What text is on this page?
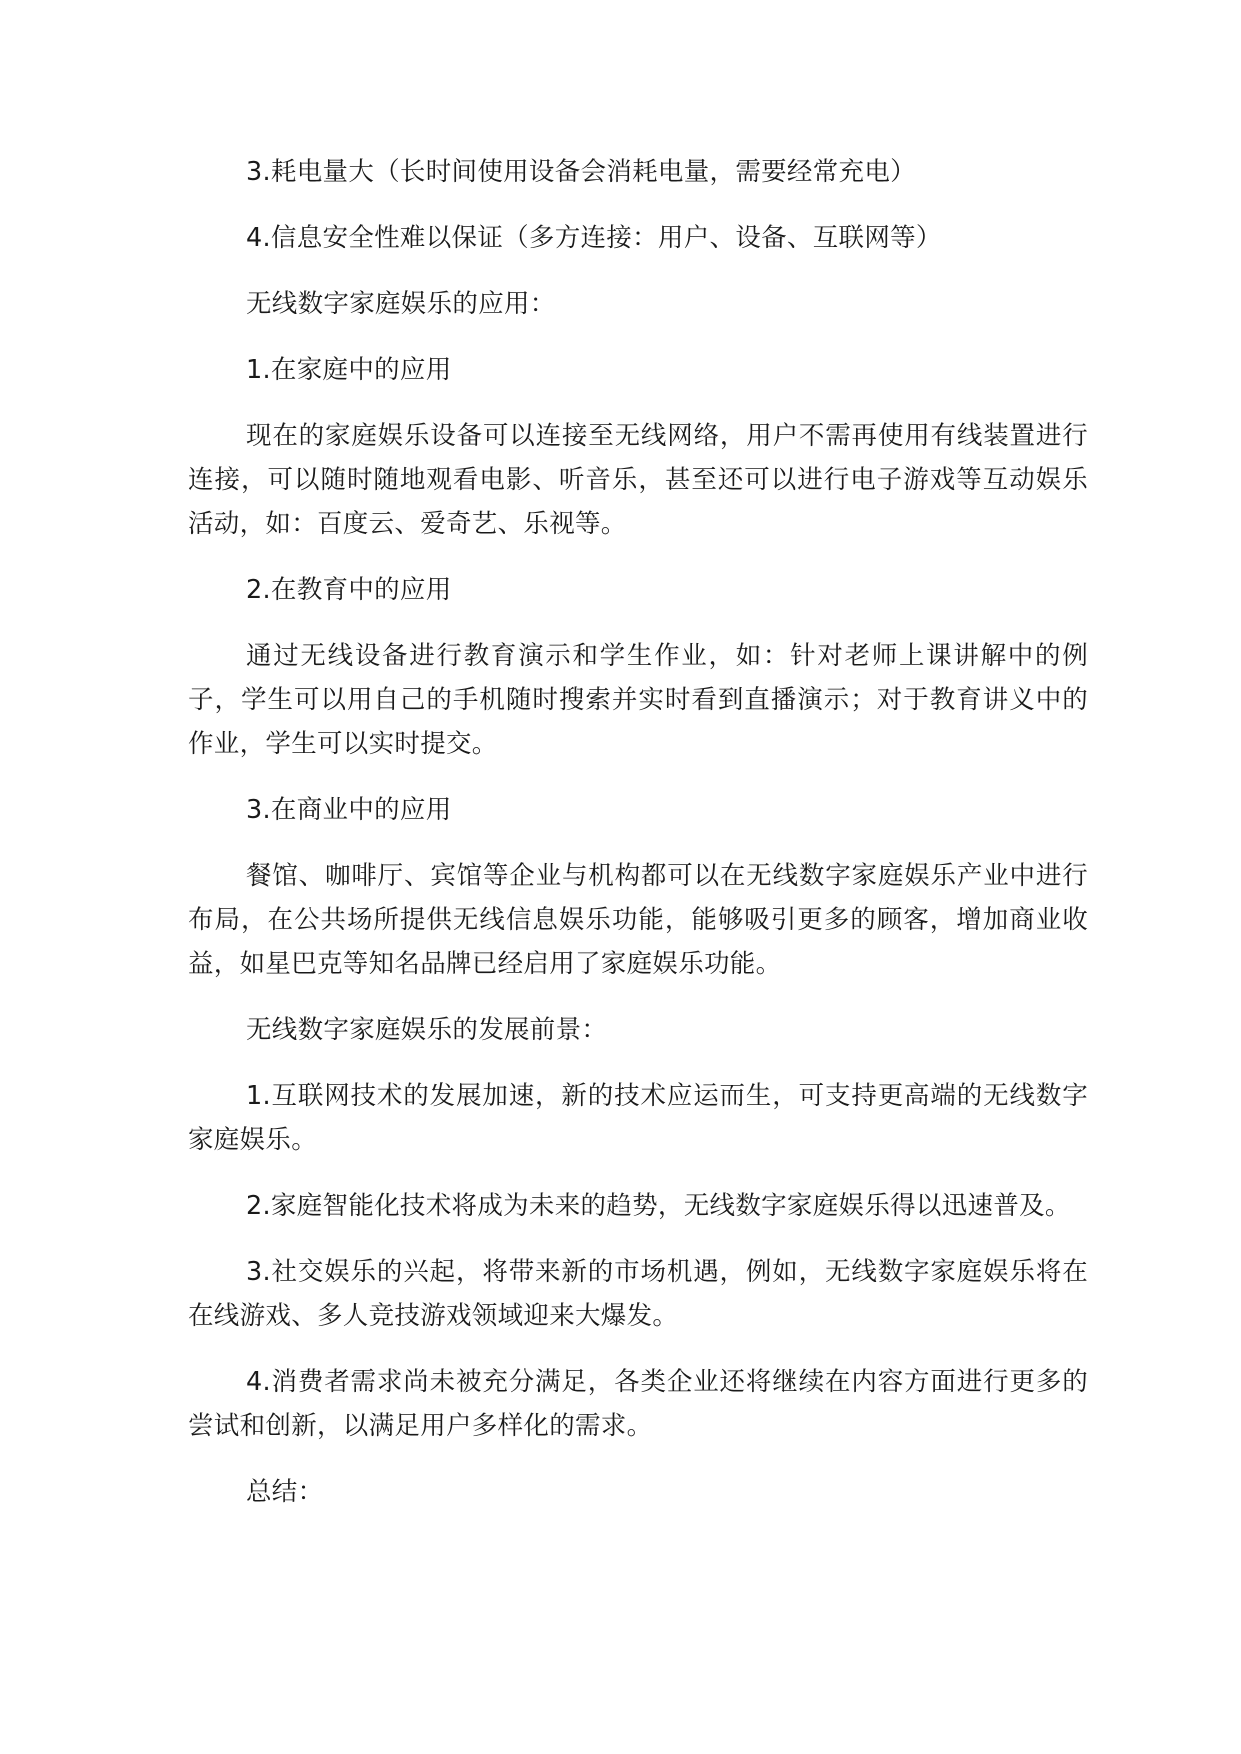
3.耗电量大（长时间使用设备会消耗电量，需要经常充电）

4.信息安全性难以保证（多方连接：用户、设备、互联网等）

无线数字家庭娱乐的应用：

1.在家庭中的应用

现在的家庭娱乐设备可以连接至无线网络，用户不需再使用有线装置进行连接，可以随时随地观看电影、听音乐，甚至还可以进行电子游戏等互动娱乐活动，如：百度云、爱奇艺、乐视等。

2.在教育中的应用

通过无线设备进行教育演示和学生作业，如：针对老师上课讲解中的例子，学生可以用自己的手机随时搜索并实时看到直播演示；对于教育讲义中的作业，学生可以实时提交。

3.在商业中的应用

餐馆、咖啡厅、宾馆等企业与机构都可以在无线数字家庭娱乐产业中进行布局，在公共场所提供无线信息娱乐功能，能够吸引更多的顾客，增加商业收益，如星巴克等知名品牌已经启用了家庭娱乐功能。

无线数字家庭娱乐的发展前景：

1.互联网技术的发展加速，新的技术应运而生，可支持更高端的无线数字家庭娱乐。

2.家庭智能化技术将成为未来的趋势，无线数字家庭娱乐得以迅速普及。

3.社交娱乐的兴起，将带来新的市场机遇，例如，无线数字家庭娱乐将在在线游戏、多人竞技游戏领域迎来大爆发。

4.消费者需求尚未被充分满足，各类企业还将继续在内容方面进行更多的尝试和创新，以满足用户多样化的需求。

总结：
